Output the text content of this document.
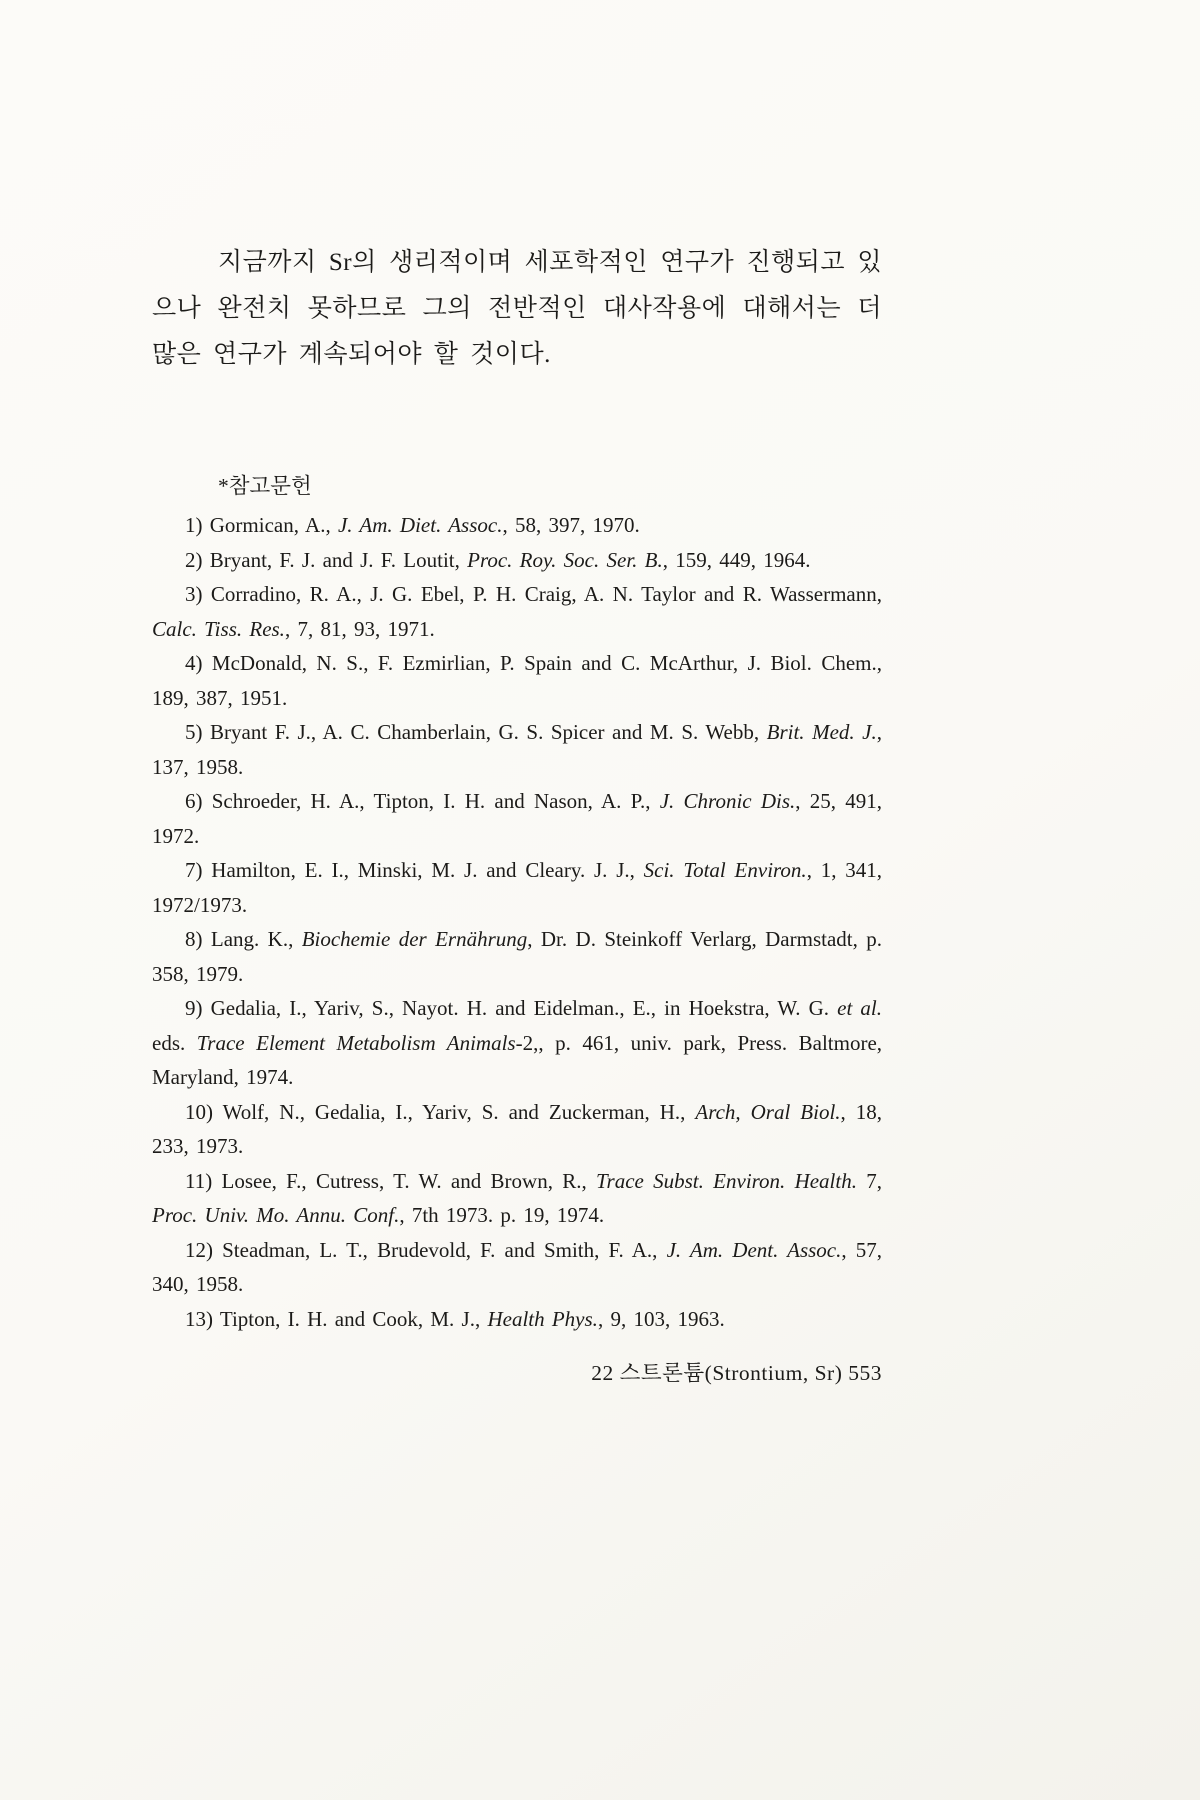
지금까지 Sr의 생리적이며 세포학적인 연구가 진행되고 있으나 완전치 못하므로 그의 전반적인 대사작용에 대해서는 더 많은 연구가 계속되어야 할 것이다.

*참고문헌

1) Gormican, A., J. Am. Diet. Assoc., 58, 397, 1970.

2) Bryant, F. J. and J. F. Loutit, Proc. Roy. Soc. Ser. B., 159, 449, 1964.

3) Corradino, R. A., J. G. Ebel, P. H. Craig, A. N. Taylor and R. Wassermann, Calc. Tiss. Res., 7, 81, 93, 1971.

4) McDonald, N. S., F. Ezmirlian, P. Spain and C. McArthur, J. Biol. Chem., 189, 387, 1951.

5) Bryant F. J., A. C. Chamberlain, G. S. Spicer and M. S. Webb, Brit. Med. J., 137, 1958.

6) Schroeder, H. A., Tipton, I. H. and Nason, A. P., J. Chronic Dis., 25, 491, 1972.

7) Hamilton, E. I., Minski, M. J. and Cleary. J. J., Sci. Total Environ., 1, 341, 1972/1973.

8) Lang. K., Biochemie der Ernährung, Dr. D. Steinkoff Verlarg, Darmstadt, p. 358, 1979.

9) Gedalia, I., Yariv, S., Nayot. H. and Eidelman., E., in Hoekstra, W. G. et al. eds. Trace Element Metabolism Animals-2,, p. 461, univ. park, Press. Baltmore, Maryland, 1974.

10) Wolf, N., Gedalia, I., Yariv, S. and Zuckerman, H., Arch, Oral Biol., 18, 233, 1973.

11) Losee, F., Cutress, T. W. and Brown, R., Trace Subst. Environ. Health. 7, Proc. Univ. Mo. Annu. Conf., 7th 1973. p. 19, 1974.

12) Steadman, L. T., Brudevold, F. and Smith, F. A., J. Am. Dent. Assoc., 57, 340, 1958.

13) Tipton, I. H. and Cook, M. J., Health Phys., 9, 103, 1963.

22 스트론튬(Strontium, Sr) 553
